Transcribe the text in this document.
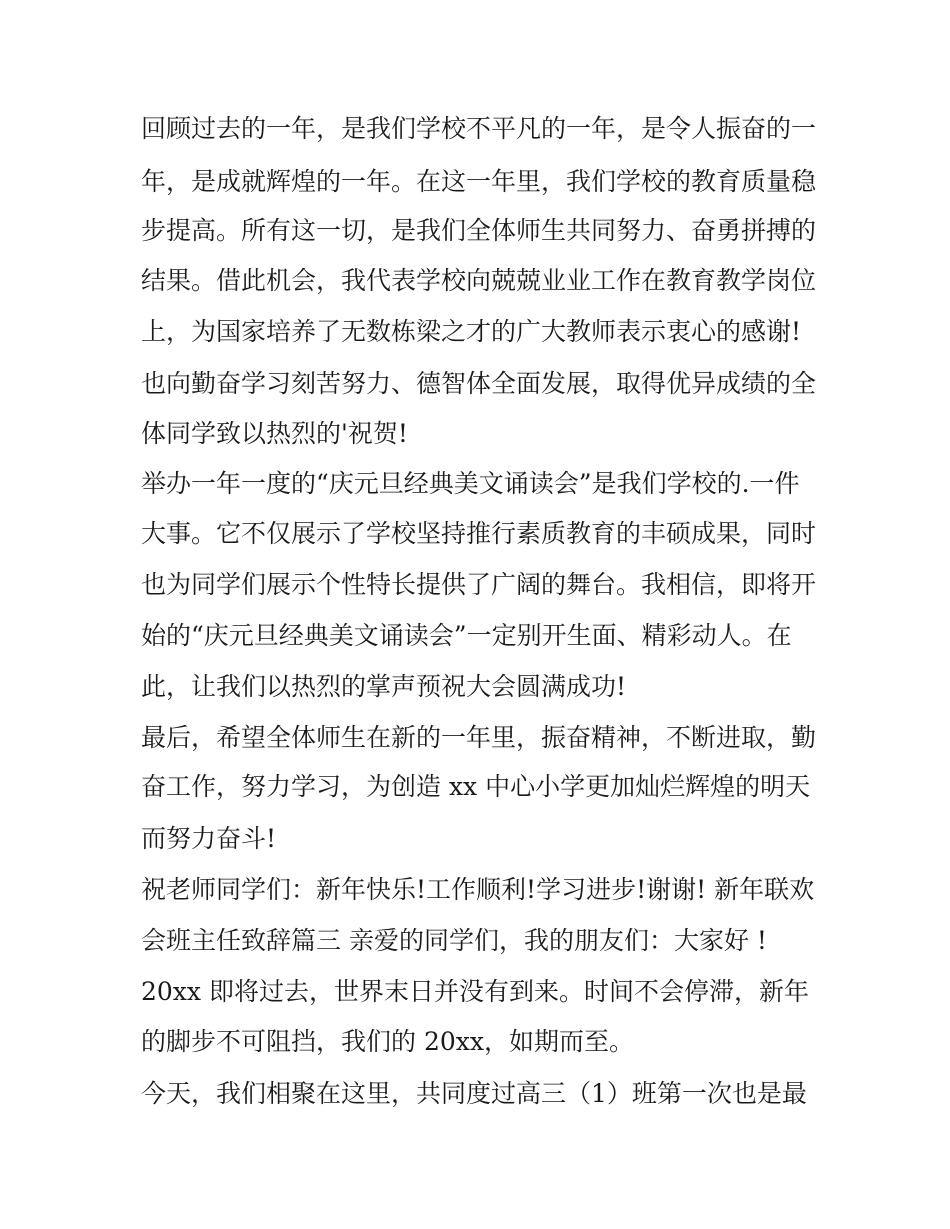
回顾过去的一年，是我们学校不平凡的一年，是令人振奋的一
年，是成就辉煌的一年。在这一年里，我们学校的教育质量稳
步提高。所有这一切，是我们全体师生共同努力、奋勇拼搏的
结果。借此机会，我代表学校向兢兢业业工作在教育教学岗位
上，为国家培养了无数栋梁之才的广大教师表示衷心的感谢!
也向勤奋学习刻苦努力、德智体全面发展，取得优异成绩的全
体同学致以热烈的'祝贺!
举办一年一度的“庆元旦经典美文诵读会”是我们学校的.一件
大事。它不仅展示了学校坚持推行素质教育的丰硕成果，同时
也为同学们展示个性特长提供了广阔的舞台。我相信，即将开
始的“庆元旦经典美文诵读会”一定别开生面、精彩动人。在
此，让我们以热烈的掌声预祝大会圆满成功!
最后，希望全体师生在新的一年里，振奋精神，不断进取，勤
奋工作，努力学习，为创造 xx 中心小学更加灿烂辉煌的明天
而努力奋斗!
祝老师同学们：新年快乐!工作顺利!学习进步!谢谢! 新年联欢
会班主任致辞篇三 亲爱的同学们，我的朋友们：大家好 !
20xx 即将过去，世界末日并没有到来。时间不会停滞，新年
的脚步不可阻挡，我们的 20xx，如期而至。
今天，我们相聚在这里，共同度过高三（1）班第一次也是最
